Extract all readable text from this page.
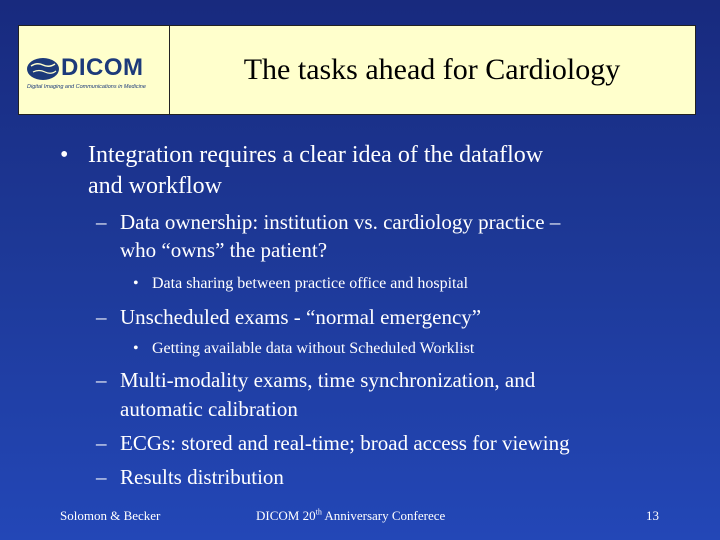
DICOM
Digital Imaging and Communications in Medicine
The tasks ahead for Cardiology
• Integration requires a clear idea of the dataflow
and workflow
– Data ownership: institution vs. cardiology practice –
who “owns” the patient?
• Data sharing between practice office and hospital
– Unscheduled exams - “normal emergency”
• Getting available data without Scheduled Worklist
– Multi-modality exams, time synchronization, and
automatic calibration
– ECGs: stored and real-time; broad access for viewing
– Results distribution
Solomon & Becker	DICOM 20th Anniversary Conferece	13
